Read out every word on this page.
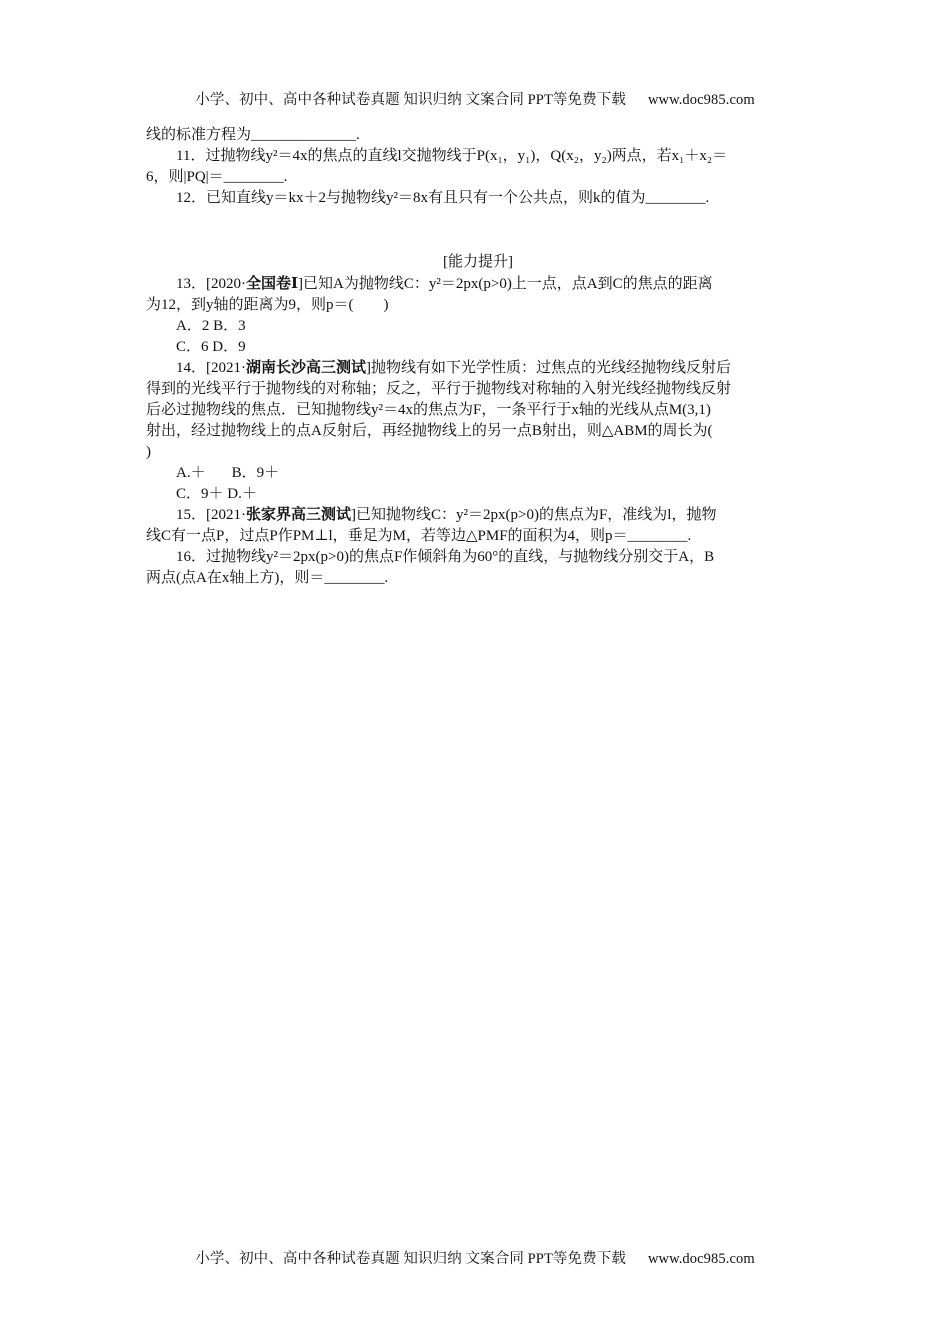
小学、初中、高中各种试卷真题 知识归纳 文案合同 PPT等免费下载 www.doc985.com
线的标准方程为______________.
11．过抛物线y²＝4x的焦点的直线l交抛物线于P(x₁，y₁)，Q(x₂，y₂)两点，若x₁＋x₂＝
6，则|PQ|＝________.
12．已知直线y＝kx＋2与抛物线y²＝8x有且只有一个公共点，则k的值为________.
[能力提升]
13．[2020·全国卷Ⅰ]已知A为抛物线C：y²＝2px(p>0)上一点，点A到C的焦点的距离
为12，到y轴的距离为9，则p＝(　　)
A．2 B．3
C．6 D．9
14．[2021·湖南长沙高三测试]抛物线有如下光学性质：过焦点的光线经抛物线反射后
得到的光线平行于抛物线的对称轴；反之，平行于抛物线对称轴的入射光线经抛物线反射
后必过抛物线的焦点．已知抛物线y²＝4x的焦点为F，一条平行于x轴的光线从点M(3,1)
射出，经过抛物线上的点A反射后，再经抛物线上的另一点B射出，则△ABM的周长为(
)
A.＋ B．9＋
C．9＋ D.＋
15．[2021·张家界高三测试]已知抛物线C：y²＝2px(p>0)的焦点为F，准线为l，抛物
线C有一点P，过点P作PM⊥l，垂足为M，若等边△PMF的面积为4，则p＝________.
16．过抛物线y²＝2px(p>0)的焦点F作倾斜角为60°的直线，与抛物线分别交于A，B
两点(点A在x轴上方)，则＝________.
小学、初中、高中各种试卷真题 知识归纳 文案合同 PPT等免费下载 www.doc985.com
